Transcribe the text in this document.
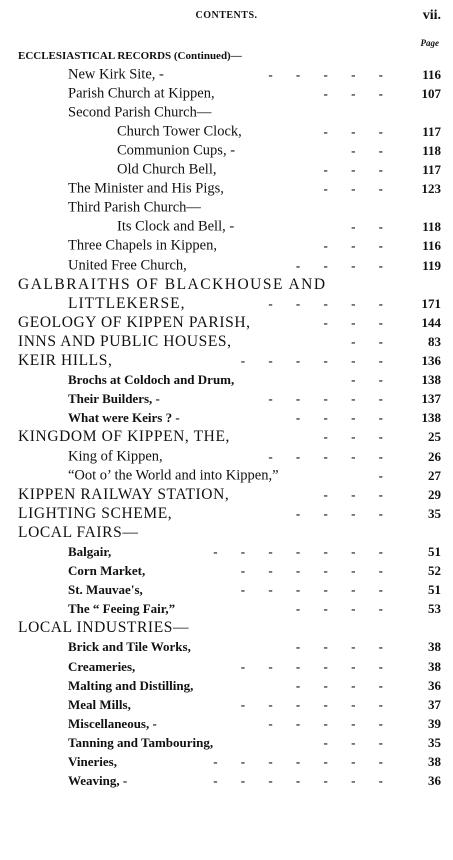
CONTENTS.	vii.
Page
ECCLESIASTICAL RECORDS (Continued)—
New Kirk Site, -	- - - - - 116
Parish Church at Kippen,	- - - 107
Second Parish Church—
Church Tower Clock,	- - - 117
Communion Cups, -	- - 118
Old Church Bell,	- - - 117
The Minister and His Pigs,	- - - 123
Third Parish Church—
Its Clock and Bell, -	- - 118
Three Chapels in Kippen,	- - - 116
United Free Church,	- - - - 119
GALBRAITHS OF BLACKHOUSE AND
LITTLEKERSE,	- - - - - 171
GEOLOGY OF KIPPEN PARISH,	- - - 144
INNS AND PUBLIC HOUSES,	- -	83
KEIR HILLS,	- - - - - - 136
Brochs at Coldoch and Drum,	- - 138
Their Builders, -	- - - - - 137
What were Keirs ? -	- - - - 138
KINGDOM OF KIPPEN, THE,	- - -	25
King of Kippen,	- - - - -	26
“Oot o’ the World and into Kippen,”	-	27
KIPPEN RAILWAY STATION,	- - -	29
LIGHTING SCHEME,	- - - -	35
LOCAL FAIRS—
Balgair,	- - - - - - -	51
Corn Market,	- - - - - -	52
St. Mauvae's,	- - - - - -	51
The “ Feeing Fair,”	- - - -	53
LOCAL INDUSTRIES—
Brick and Tile Works,	- - - -	38
Creameries,	- - - - - -	38
Malting and Distilling,	- - - -	36
Meal Mills,	- - - - - -	37
Miscellaneous, -	- - - - -	39
Tanning and Tambouring,	- - -	35
Vineries,	- - - - - - -	38
Weaving, -	- - - - - - -	36
